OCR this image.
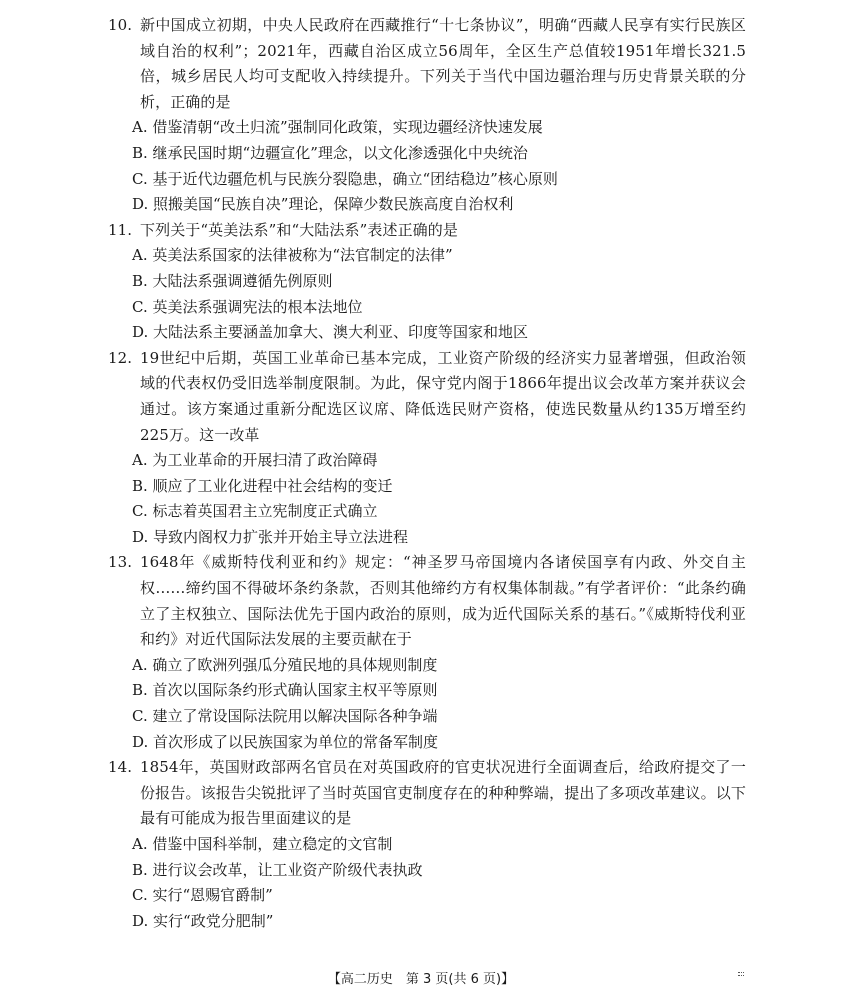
10. 新中国成立初期，中央人民政府在西藏推行“十七条协议”，明确“西藏人民享有实行民族区域自治的权利”；2021年，西藏自治区成立56周年，全区生产总值较1951年增长321.5倍，城乡居民人均可支配收入持续提升。下列关于当代中国边疆治理与历史背景关联的分析，正确的是
A. 借鉴清朝“改土归流”强制同化政策，实现边疆经济快速发展
B. 继承民国时期“边疆宣化”理念，以文化渗透强化中央统治
C. 基于近代边疆危机与民族分裂隐患，确立“团结稳边”核心原则
D. 照搬美国“民族自决”理论，保障少数民族高度自治权利
11. 下列关于“英美法系”和“大陆法系”表述正确的是
A. 英美法系国家的法律被称为“法官制定的法律”
B. 大陆法系强调遵循先例原则
C. 英美法系强调宪法的根本法地位
D. 大陆法系主要涵盖加拿大、澳大利亚、印度等国家和地区
12. 19世纪中后期，英国工业革命已基本完成，工业资产阶级的经济实力显著增强，但政治领域的代表权仍受旧选举制度限制。为此，保守党内阁于1866年提出议会改革方案并获议会通过。该方案通过重新分配选区议席、降低选民财产资格，使选民数量从约135万增至约225万。这一改革
A. 为工业革命的开展扫清了政治障碍
B. 顺应了工业化进程中社会结构的变迁
C. 标志着英国君主立宪制度正式确立
D. 导致内阁权力扩张并开始主导立法进程
13. 1648年《威斯特伐利亚和约》规定：“神圣罗马帝国境内各诸侯国享有内政、外交自主权……缔约国不得破坏条约条款，否则其他缔约方有权集体制裁。”有学者评价：“此条约确立了主权独立、国际法优先于国内政治的原则，成为近代国际关系的基石。”《威斯特伐利亚和约》对近代国际法发展的主要贡献在于
A. 确立了欧洲列强瓜分殖民地的具体规则制度
B. 首次以国际条约形式确认国家主权平等原则
C. 建立了常设国际法院用以解决国际各种争端
D. 首次形成了以民族国家为单位的常备军制度
14. 1854年，英国财政部两名官员在对英国政府的官吏状况进行全面调查后，给政府提交了一份报告。该报告尖锐批评了当时英国官吏制度存在的种种弊端，提出了多项改革建议。以下最有可能成为报告里面建议的是
A. 借鉴中国科举制，建立稳定的文官制
B. 进行议会改革，让工业资产阶级代表执政
C. 实行“恩赐官爵制”
D. 实行“政党分肥制”
【高二历史　第 3 页(共 6 页)】
